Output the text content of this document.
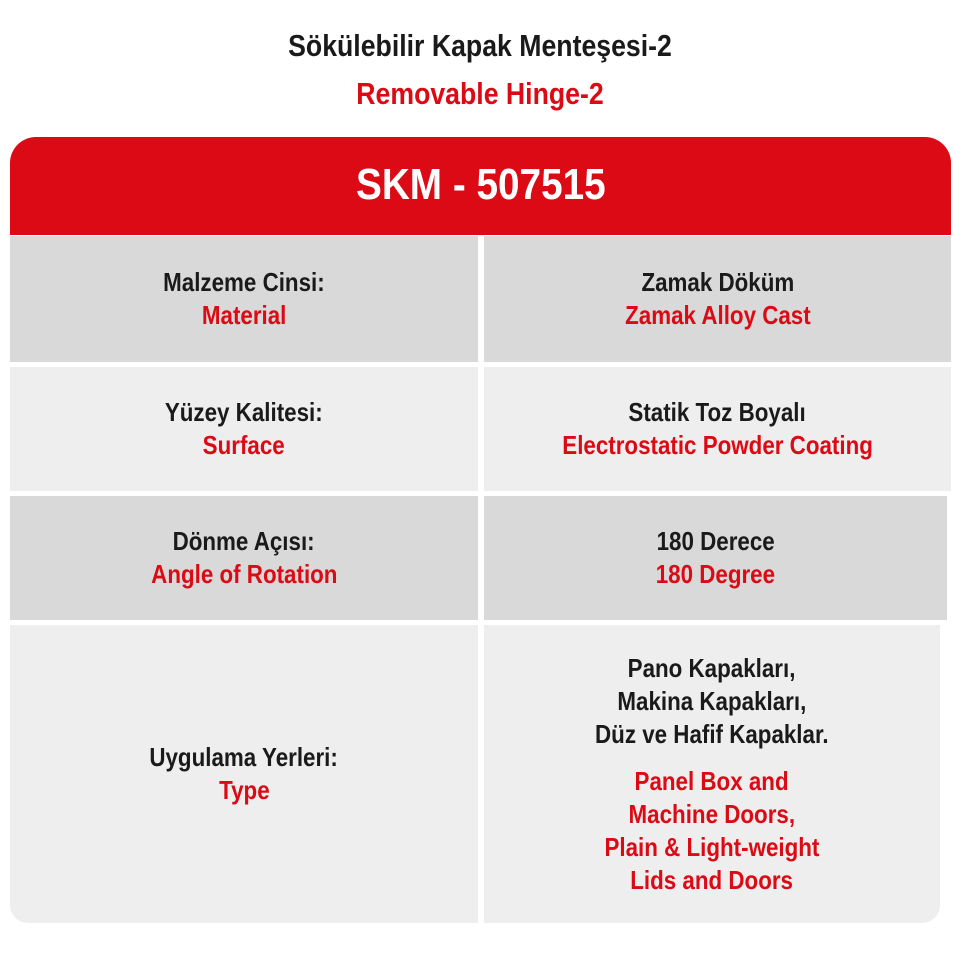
Sökülebilir Kapak Menteşesi-2
Removable Hinge-2
SKM - 507515
Malzeme Cinsi:
Material
Zamak Döküm
Zamak Alloy Cast
Yüzey Kalitesi:
Surface
Statik Toz Boyalı
Electrostatic Powder Coating
Dönme Açısı:
Angle of Rotation
180 Derece
180 Degree
Uygulama Yerleri:
Type
Pano Kapakları,
Makina Kapakları,
Düz ve Hafif Kapaklar.
Panel Box and
Machine Doors,
Plain & Light-weight
Lids and Doors
